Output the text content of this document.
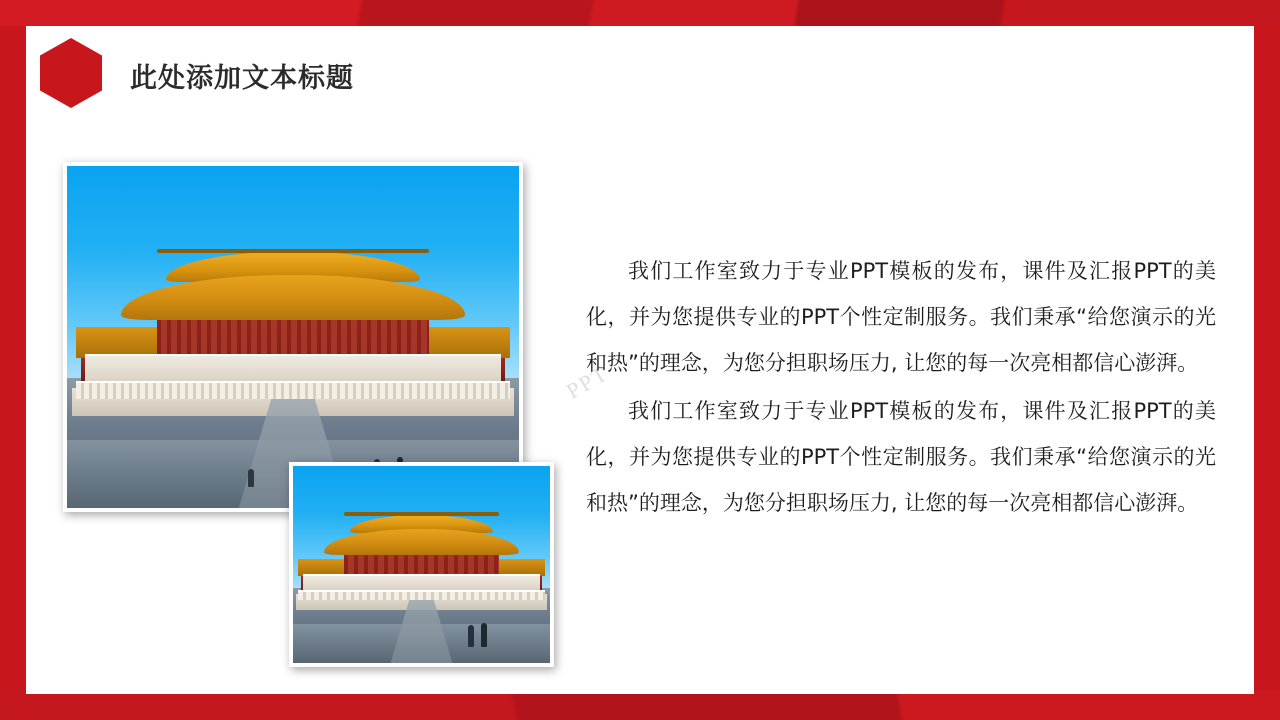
此处添加文本标题
PPT

我们工作室致力于专业PPT模板的发布，课件及汇报PPT的美化，并为您提供专业的PPT个性定制服务。我们秉承“给您演示的光和热”的理念，为您分担职场压力, 让您的每一次亮相都信心澎湃。

我们工作室致力于专业PPT模板的发布，课件及汇报PPT的美化，并为您提供专业的PPT个性定制服务。我们秉承“给您演示的光和热”的理念，为您分担职场压力, 让您的每一次亮相都信心澎湃。
